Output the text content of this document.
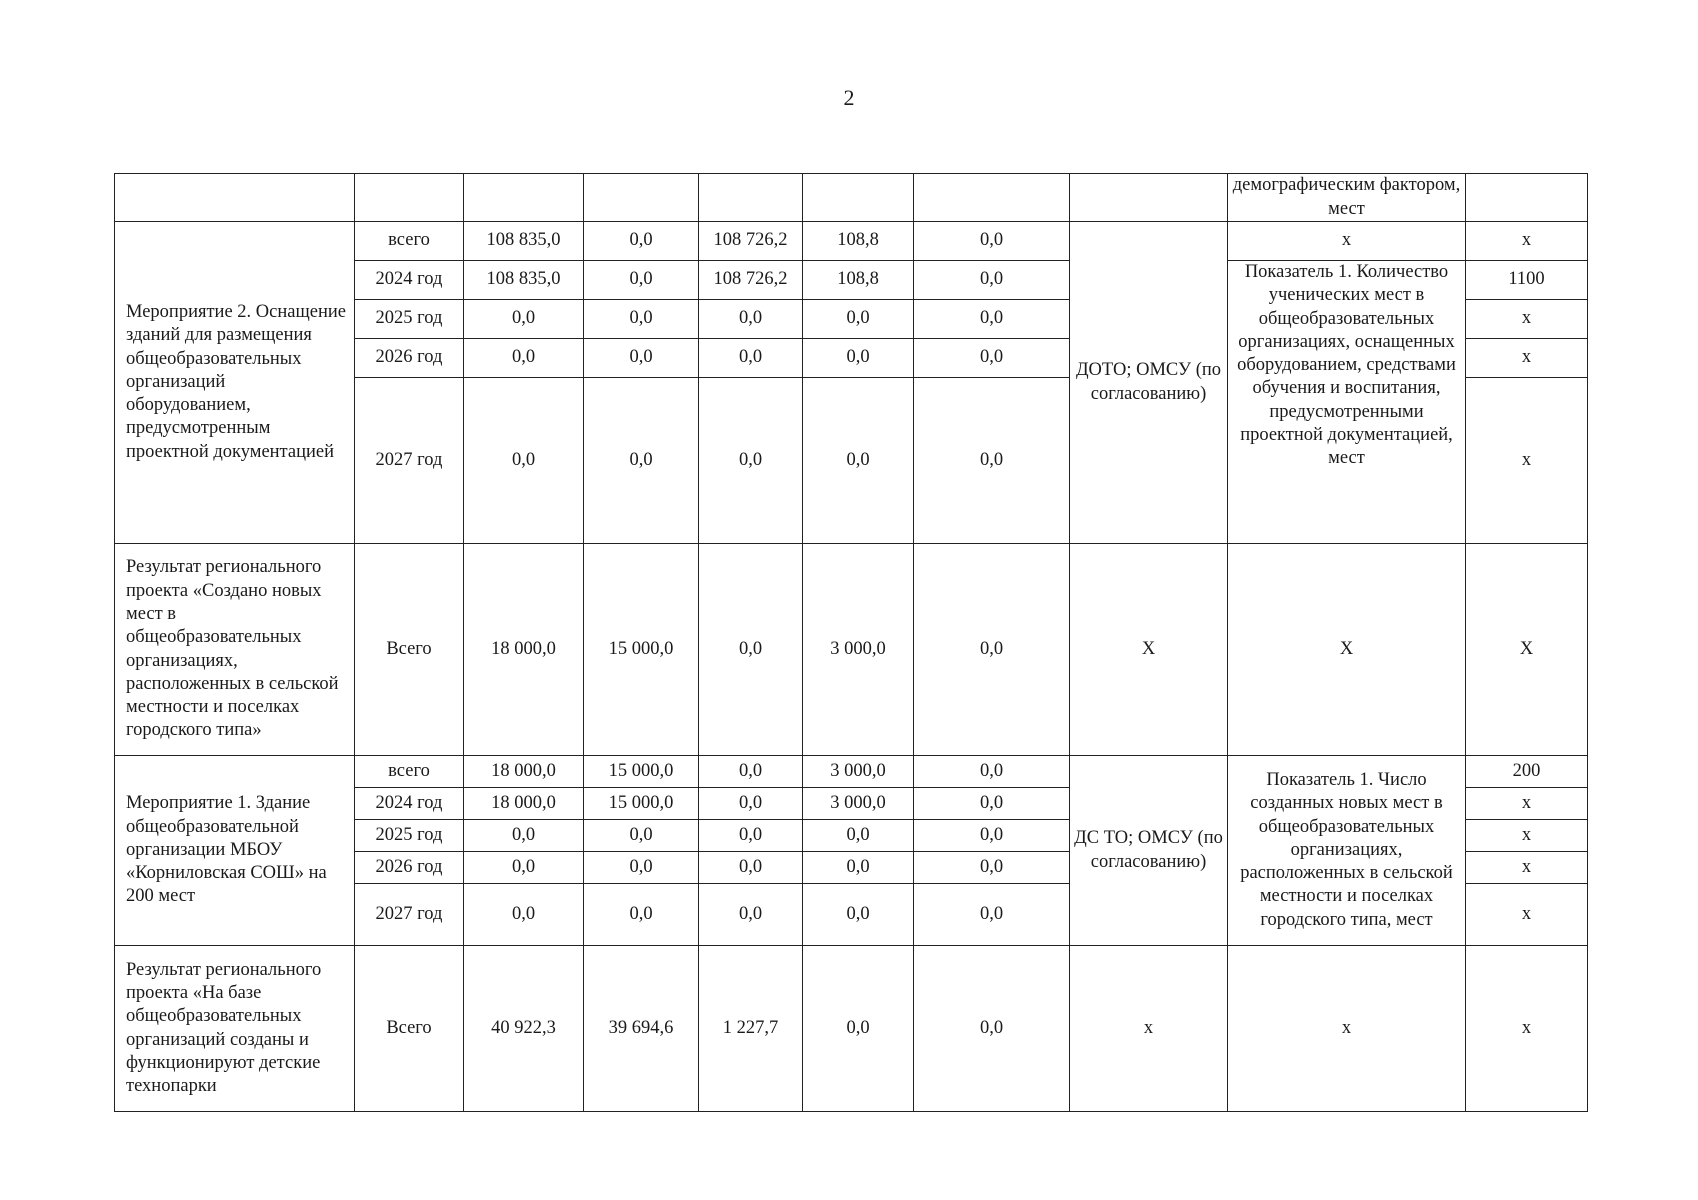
2
								демографическим фактором, мест	
Мероприятие 2. Оснащение зданий для размещения общеобразовательных организаций оборудованием, предусмотренным проектной документацией	всего	108 835,0	0,0	108 726,2	108,8	0,0	ДОТО; ОМСУ (по согласованию)	х	х
	2024 год	108 835,0	0,0	108 726,2	108,8	0,0		Показатель 1. Количество ученических мест в общеобразовательных организациях, оснащенных оборудованием, средствами обучения и воспитания, предусмотренными проектной документацией, мест	1100
	2025 год	0,0	0,0	0,0	0,0	0,0			х
	2026 год	0,0	0,0	0,0	0,0	0,0			х
	2027 год	0,0	0,0	0,0	0,0	0,0			х
Результат регионального проекта «Создано новых мест в общеобразовательных организациях, расположенных в сельской местности и поселках городского типа»	Всего	18 000,0	15 000,0	0,0	3 000,0	0,0	Х	Х	Х
Мероприятие 1. Здание общеобразовательной организации МБОУ «Корниловская СОШ» на 200 мест	всего	18 000,0	15 000,0	0,0	3 000,0	0,0	ДС ТО; ОМСУ (по согласованию)	Показатель 1. Число созданных новых мест в общеобразовательных организациях, расположенных в сельской местности и поселках городского типа, мест	200
	2024 год	18 000,0	15 000,0	0,0	3 000,0	0,0			х
	2025 год	0,0	0,0	0,0	0,0	0,0			х
	2026 год	0,0	0,0	0,0	0,0	0,0			х
	2027 год	0,0	0,0	0,0	0,0	0,0			х
Результат регионального проекта «На базе общеобразовательных организаций созданы и функционируют детские технопарки	Всего	40 922,3	39 694,6	1 227,7	0,0	0,0	х	х	х
